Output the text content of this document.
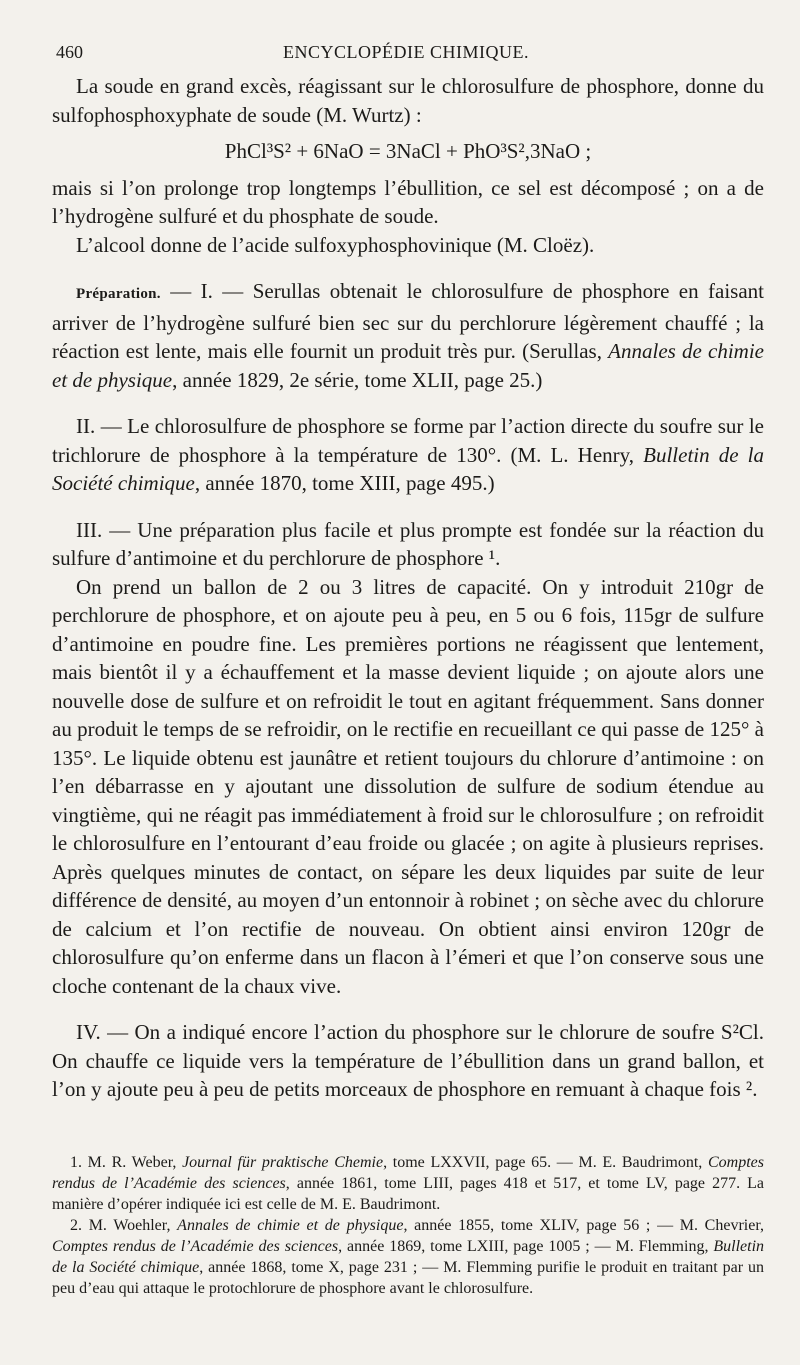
460	ENCYCLOPÉDIE CHIMIQUE.

La soude en grand excès, réagissant sur le chlorosulfure de phosphore, donne du sulfophosphoxyphate de soude (M. Wurtz) :

PhCl³S² + 6NaO = 3NaCl + PhO³S²,3NaO ;

mais si l’on prolonge trop longtemps l’ébullition, ce sel est décomposé ; on a de l’hydrogène sulfuré et du phosphate de soude.

L’alcool donne de l’acide sulfoxyphosphovinique (M. Cloëz).

Préparation. — I. — Serullas obtenait le chlorosulfure de phosphore en faisant arriver de l’hydrogène sulfuré bien sec sur du perchlorure légèrement chauffé ; la réaction est lente, mais elle fournit un produit très pur. (Serullas, Annales de chimie et de physique, année 1829, 2e série, tome XLII, page 25.)

II. — Le chlorosulfure de phosphore se forme par l’action directe du soufre sur le trichlorure de phosphore à la température de 130°. (M. L. Henry, Bulletin de la Société chimique, année 1870, tome XIII, page 495.)

III. — Une préparation plus facile et plus prompte est fondée sur la réaction du sulfure d’antimoine et du perchlorure de phosphore ¹.

On prend un ballon de 2 ou 3 litres de capacité. On y introduit 210gr de perchlorure de phosphore, et on ajoute peu à peu, en 5 ou 6 fois, 115gr de sulfure d’antimoine en poudre fine. Les premières portions ne réagissent que lentement, mais bientôt il y a échauffement et la masse devient liquide ; on ajoute alors une nouvelle dose de sulfure et on refroidit le tout en agitant fréquemment. Sans donner au produit le temps de se refroidir, on le rectifie en recueillant ce qui passe de 125° à 135°. Le liquide obtenu est jaunâtre et retient toujours du chlorure d’antimoine : on l’en débarrasse en y ajoutant une dissolution de sulfure de sodium étendue au vingtième, qui ne réagit pas immédiatement à froid sur le chlorosulfure ; on refroidit le chlorosulfure en l’entourant d’eau froide ou glacée ; on agite à plusieurs reprises. Après quelques minutes de contact, on sépare les deux liquides par suite de leur différence de densité, au moyen d’un entonnoir à robinet ; on sèche avec du chlorure de calcium et l’on rectifie de nouveau. On obtient ainsi environ 120gr de chlorosulfure qu’on enferme dans un flacon à l’émeri et que l’on conserve sous une cloche contenant de la chaux vive.

IV. — On a indiqué encore l’action du phosphore sur le chlorure de soufre S²Cl. On chauffe ce liquide vers la température de l’ébullition dans un grand ballon, et l’on y ajoute peu à peu de petits morceaux de phosphore en remuant à chaque fois ².

1. M. R. Weber, Journal für praktische Chemie, tome LXXVII, page 65. — M. E. Baudrimont, Comptes rendus de l’Académie des sciences, année 1861, tome LIII, pages 418 et 517, et tome LV, page 277. La manière d’opérer indiquée ici est celle de M. E. Baudrimont.

2. M. Woehler, Annales de chimie et de physique, année 1855, tome XLIV, page 56 ; — M. Chevrier, Comptes rendus de l’Académie des sciences, année 1869, tome LXIII, page 1005 ; — M. Flemming, Bulletin de la Société chimique, année 1868, tome X, page 231 ; — M. Flemming purifie le produit en traitant par un peu d’eau qui attaque le protochlorure de phosphore avant le chlorosulfure.
